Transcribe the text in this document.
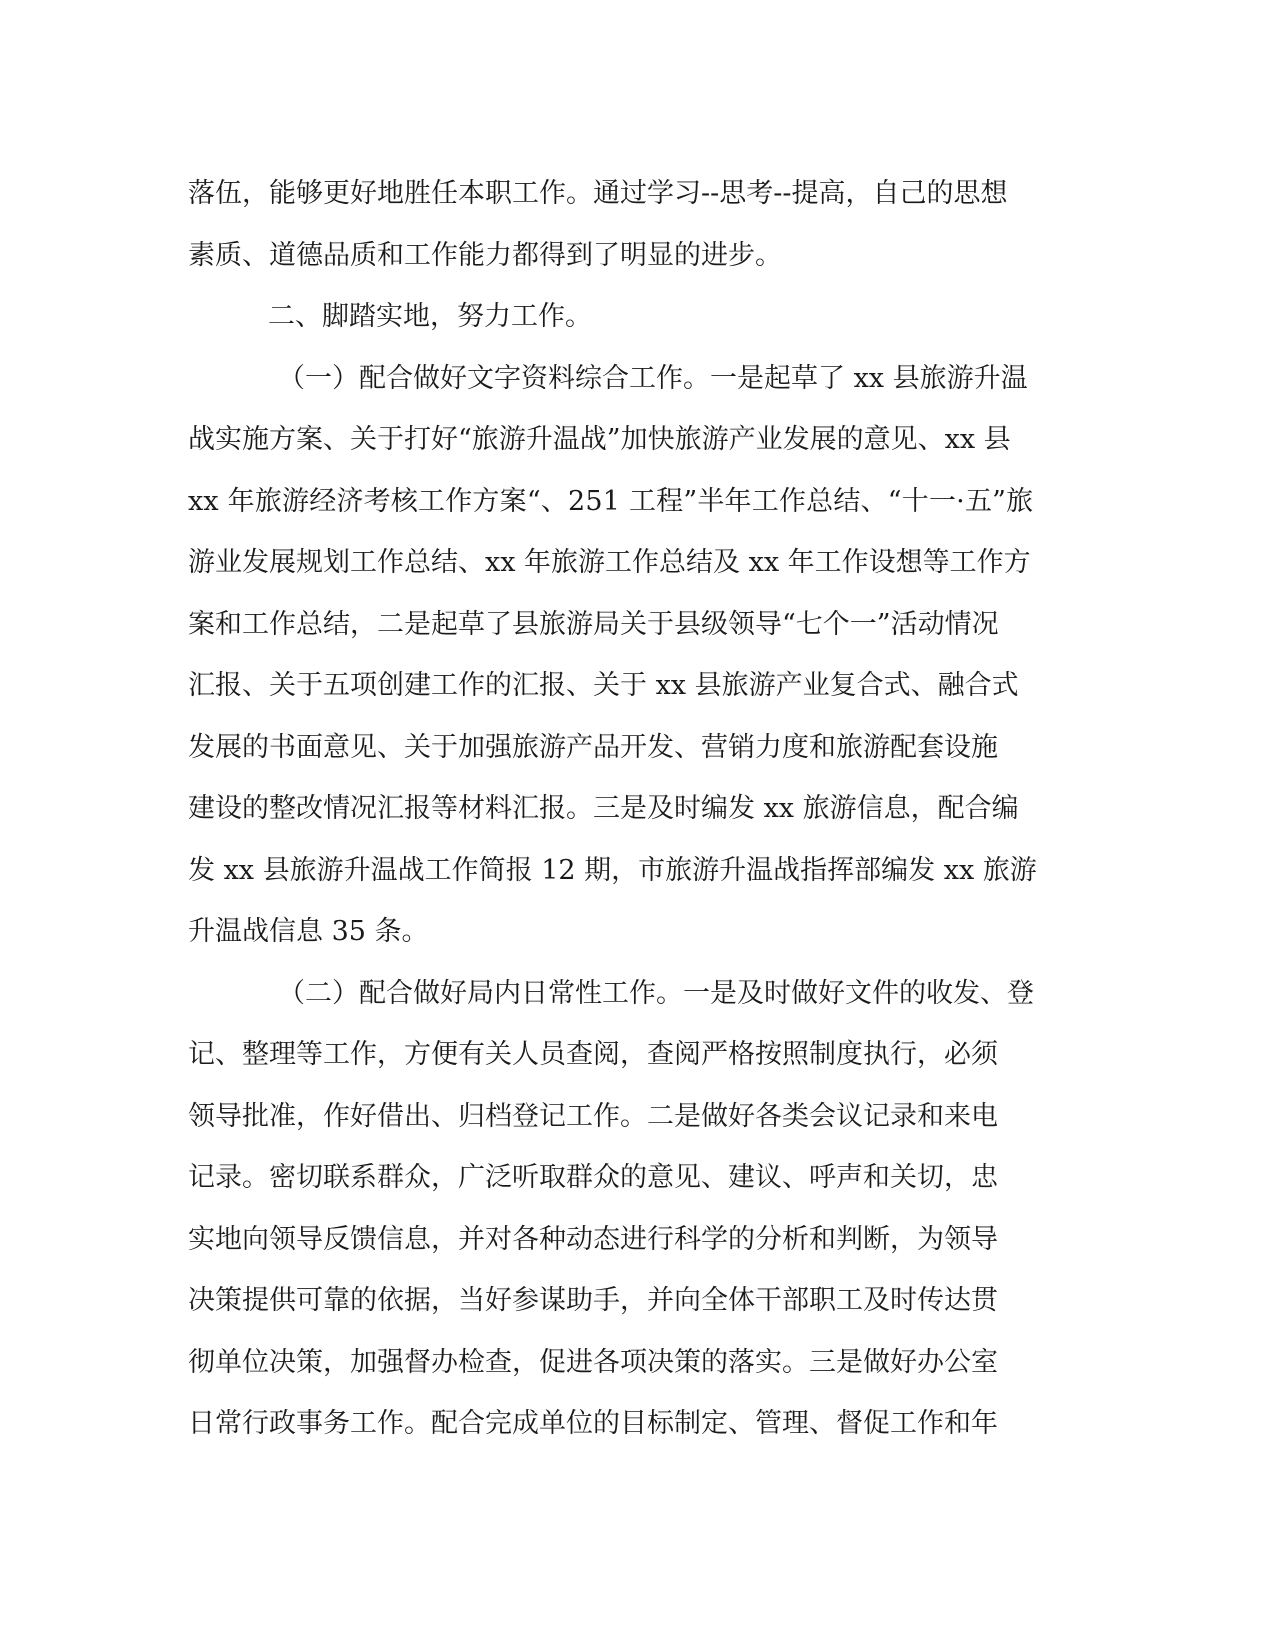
落伍，能够更好地胜任本职工作。通过学习--思考--提高，自己的思想
素质、道德品质和工作能力都得到了明显的进步。
二、脚踏实地，努力工作。
（一）配合做好文字资料综合工作。一是起草了 xx 县旅游升温
战实施方案、关于打好“旅游升温战”加快旅游产业发展的意见、xx 县
xx 年旅游经济考核工作方案“、251 工程”半年工作总结、“十一·五”旅
游业发展规划工作总结、xx 年旅游工作总结及 xx 年工作设想等工作方
案和工作总结，二是起草了县旅游局关于县级领导“七个一”活动情况
汇报、关于五项创建工作的汇报、关于 xx 县旅游产业复合式、融合式
发展的书面意见、关于加强旅游产品开发、营销力度和旅游配套设施
建设的整改情况汇报等材料汇报。三是及时编发 xx 旅游信息，配合编
发 xx 县旅游升温战工作简报 12 期，市旅游升温战指挥部编发 xx 旅游
升温战信息 35 条。
（二）配合做好局内日常性工作。一是及时做好文件的收发、登
记、整理等工作，方便有关人员查阅，查阅严格按照制度执行，必须
领导批准，作好借出、归档登记工作。二是做好各类会议记录和来电
记录。密切联系群众，广泛听取群众的意见、建议、呼声和关切，忠
实地向领导反馈信息，并对各种动态进行科学的分析和判断，为领导
决策提供可靠的依据，当好参谋助手，并向全体干部职工及时传达贯
彻单位决策，加强督办检查，促进各项决策的落实。三是做好办公室
日常行政事务工作。配合完成单位的目标制定、管理、督促工作和年
